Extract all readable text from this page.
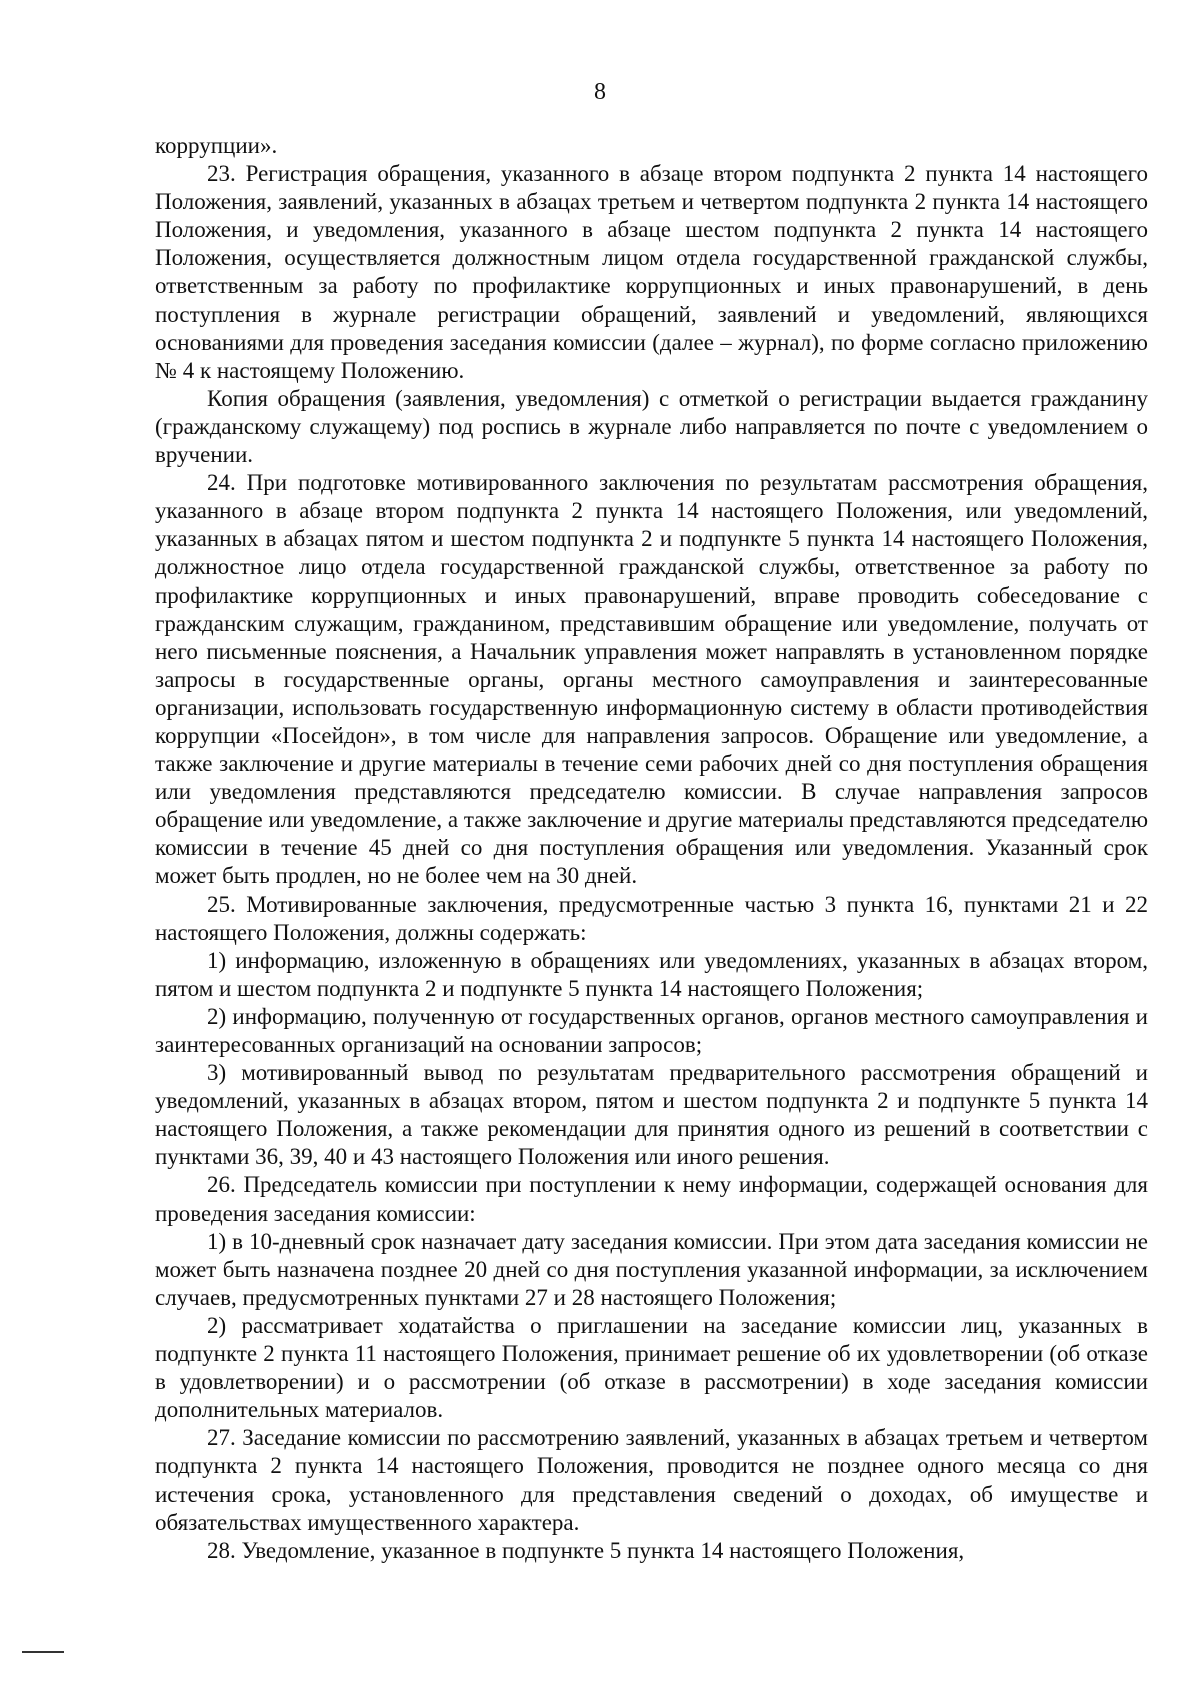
8

коррупции».

23. Регистрация обращения, указанного в абзаце втором подпункта 2 пункта 14 настоящего Положения, заявлений, указанных в абзацах третьем и четвертом подпункта 2 пункта 14 настоящего Положения, и уведомления, указанного в абзаце шестом подпункта 2 пункта 14 настоящего Положения, осуществляется должностным лицом отдела государственной гражданской службы, ответственным за работу по профилактике коррупционных и иных правонарушений, в день поступления в журнале регистрации обращений, заявлений и уведомлений, являющихся основаниями для проведения заседания комиссии (далее – журнал), по форме согласно приложению № 4 к настоящему Положению.

Копия обращения (заявления, уведомления) с отметкой о регистрации выдается гражданину (гражданскому служащему) под роспись в журнале либо направляется по почте с уведомлением о вручении.

24. При подготовке мотивированного заключения по результатам рассмотрения обращения, указанного в абзаце втором подпункта 2 пункта 14 настоящего Положения, или уведомлений, указанных в абзацах пятом и шестом подпункта 2 и подпункте 5 пункта 14 настоящего Положения, должностное лицо отдела государственной гражданской службы, ответственное за работу по профилактике коррупционных и иных правонарушений, вправе проводить собеседование с гражданским служащим, гражданином, представившим обращение или уведомление, получать от него письменные пояснения, а Начальник управления может направлять в установленном порядке запросы в государственные органы, органы местного самоуправления и заинтересованные организации, использовать государственную информационную систему в области противодействия коррупции «Посейдон», в том числе для направления запросов. Обращение или уведомление, а также заключение и другие материалы в течение семи рабочих дней со дня поступления обращения или уведомления представляются председателю комиссии. В случае направления запросов обращение или уведомление, а также заключение и другие материалы представляются председателю комиссии в течение 45 дней со дня поступления обращения или уведомления. Указанный срок может быть продлен, но не более чем на 30 дней.

25. Мотивированные заключения, предусмотренные частью 3 пункта 16, пунктами 21 и 22 настоящего Положения, должны содержать:

1) информацию, изложенную в обращениях или уведомлениях, указанных в абзацах втором, пятом и шестом подпункта 2 и подпункте 5 пункта 14 настоящего Положения;

2) информацию, полученную от государственных органов, органов местного самоуправления и заинтересованных организаций на основании запросов;

3) мотивированный вывод по результатам предварительного рассмотрения обращений и уведомлений, указанных в абзацах втором, пятом и шестом подпункта 2 и подпункте 5 пункта 14 настоящего Положения, а также рекомендации для принятия одного из решений в соответствии с пунктами 36, 39, 40 и 43 настоящего Положения или иного решения.

26. Председатель комиссии при поступлении к нему информации, содержащей основания для проведения заседания комиссии:

1) в 10-дневный срок назначает дату заседания комиссии. При этом дата заседания комиссии не может быть назначена позднее 20 дней со дня поступления указанной информации, за исключением случаев, предусмотренных пунктами 27 и 28 настоящего Положения;

2) рассматривает ходатайства о приглашении на заседание комиссии лиц, указанных в подпункте 2 пункта 11 настоящего Положения, принимает решение об их удовлетворении (об отказе в удовлетворении) и о рассмотрении (об отказе в рассмотрении) в ходе заседания комиссии дополнительных материалов.

27. Заседание комиссии по рассмотрению заявлений, указанных в абзацах третьем и четвертом подпункта 2 пункта 14 настоящего Положения, проводится не позднее одного месяца со дня истечения срока, установленного для представления сведений о доходах, об имуществе и обязательствах имущественного характера.

28. Уведомление, указанное в подпункте 5 пункта 14 настоящего Положения,
